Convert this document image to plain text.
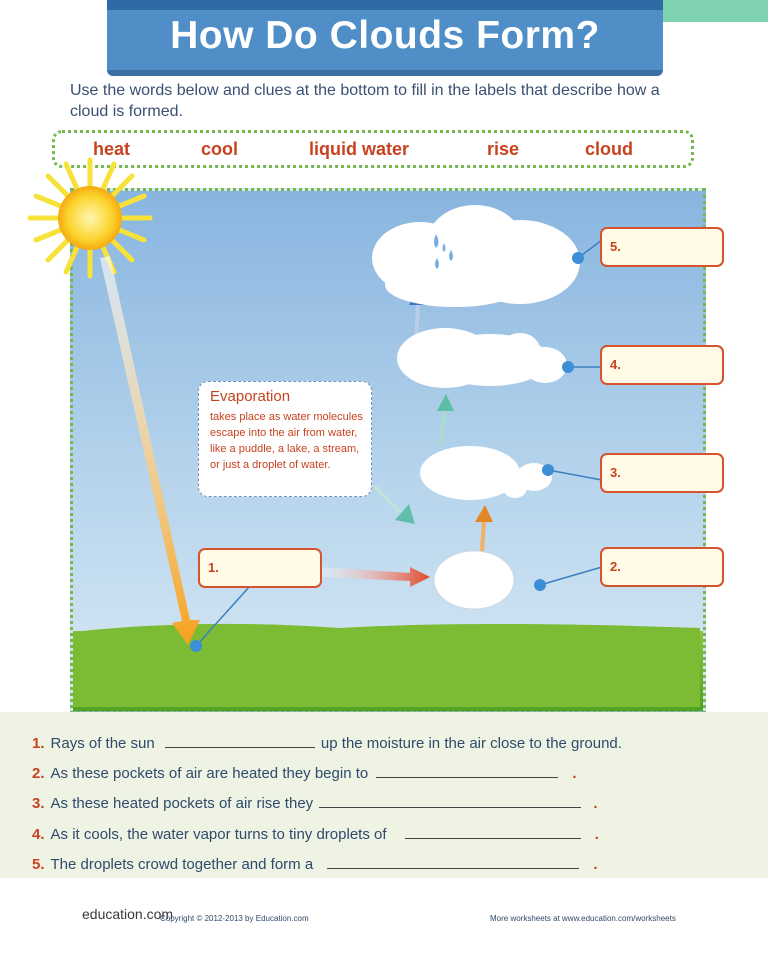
How Do Clouds Form?
Use the words below and clues at the bottom to fill in the labels that describe how a cloud is formed.
heat	cool	liquid water	rise	cloud
Evaporation
takes place as water molecules escape into the air from water, like a puddle, a lake, a stream, or just a droplet of water.
1.	2.
3.
4.
5.
1. Rays of the sun	up the moisture in the air close to the ground.
2. As these pockets of air are heated they begin to	.
3. As these heated pockets of air rise they	.
4. As it cools, the water vapor turns to tiny droplets of	.
5. The droplets crowd together and form a	.
education.com
Copyright © 2012-2013 by Education.com	More worksheets at www.education.com/worksheets
